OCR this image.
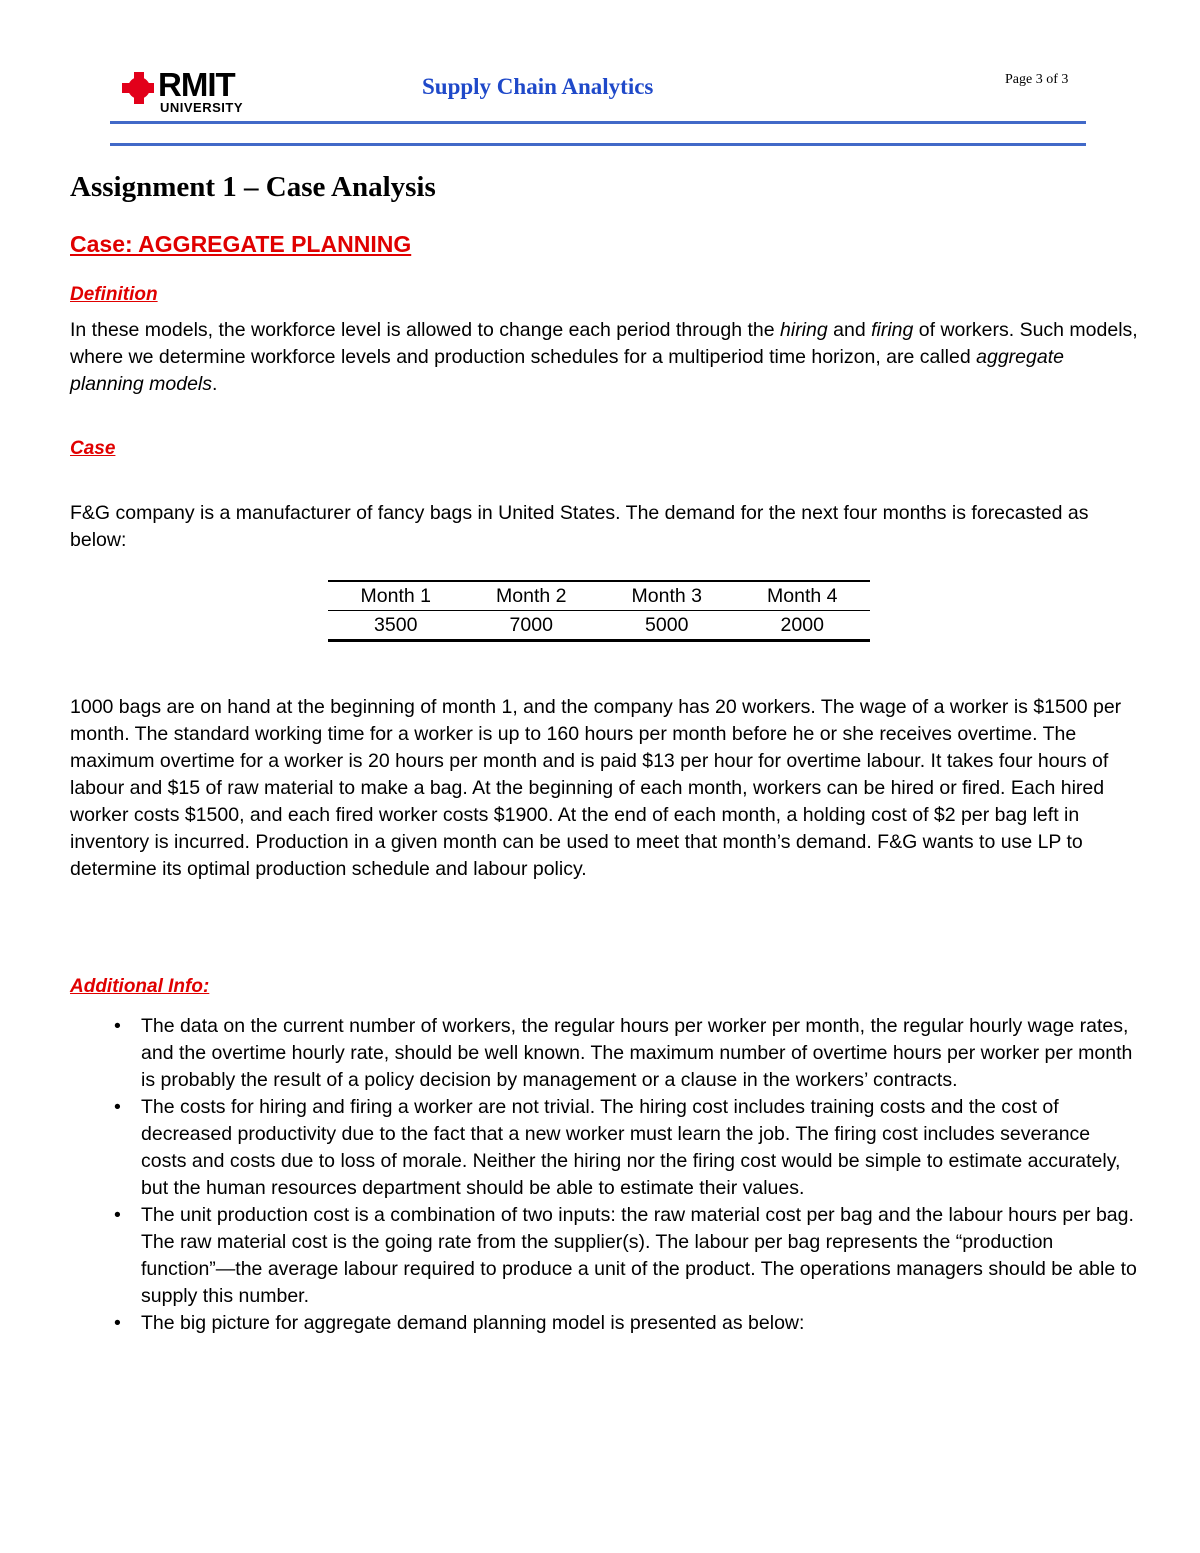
RMIT
UNIVERSITY
Supply Chain Analytics	Page 3 of 3
Assignment 1 – Case Analysis
Case: AGGREGATE PLANNING
Definition

In these models, the workforce level is allowed to change each period through the hiring and firing of workers. Such models, where we determine workforce levels and production schedules for a multiperiod time horizon, are called aggregate planning models.

Case

F&G company is a manufacturer of fancy bags in United States. The demand for the next four months is forecasted as below:

Month 1	Month 2	Month 3	Month 4
3500	7000	5000	2000

1000 bags are on hand at the beginning of month 1, and the company has 20 workers. The wage of a worker is $1500 per month. The standard working time for a worker is up to 160 hours per month before he or she receives overtime. The maximum overtime for a worker is 20 hours per month and is paid $13 per hour for overtime labour. It takes four hours of labour and $15 of raw material to make a bag. At the beginning of each month, workers can be hired or fired. Each hired worker costs $1500, and each fired worker costs $1900. At the end of each month, a holding cost of $2 per bag left in inventory is incurred. Production in a given month can be used to meet that month’s demand. F&G wants to use LP to determine its optimal production schedule and labour policy.

Additional Info:
• The data on the current number of workers, the regular hours per worker per month, the regular hourly wage rates, and the overtime hourly rate, should be well known. The maximum number of overtime hours per worker per month is probably the result of a policy decision by management or a clause in the workers’ contracts.
• The costs for hiring and firing a worker are not trivial. The hiring cost includes training costs and the cost of decreased productivity due to the fact that a new worker must learn the job. The firing cost includes severance costs and costs due to loss of morale. Neither the hiring nor the firing cost would be simple to estimate accurately, but the human resources department should be able to estimate their values.
• The unit production cost is a combination of two inputs: the raw material cost per bag and the labour hours per bag. The raw material cost is the going rate from the supplier(s). The labour per bag represents the “production function”—the average labour required to produce a unit of the product. The operations managers should be able to supply this number.
• The big picture for aggregate demand planning model is presented as below:
